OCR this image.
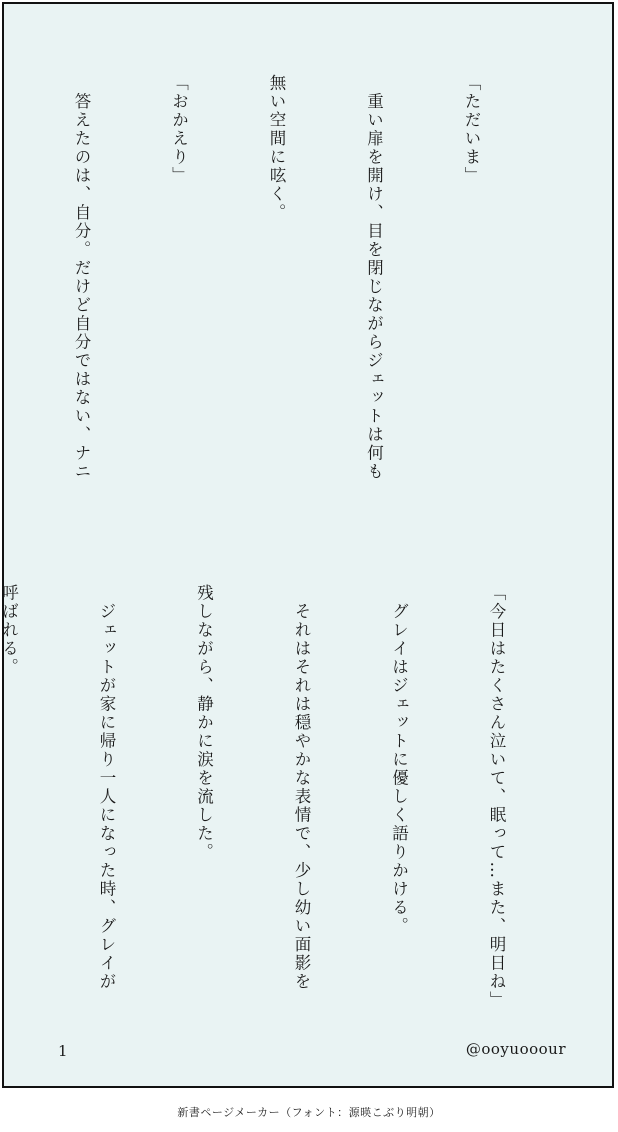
「ただいま」

　重い扉を開け、目を閉じながらジェットは何も

無い空間に呟く。

「おかえり」

　答えたのは、自分。だけど自分ではない、ナニ

「今日はたくさん泣いて、眠って…また、明日ね」

　グレイはジェットに優しく語りかける。

　それはそれは穏やかな表情で、少し幼い面影を

残しながら、静かに涙を流した。

　ジェットが家に帰り一人になった時、グレイが

呼ばれる。

1	@ooyuooour
新書ページメーカー（フォント：源暎こぶり明朝）
